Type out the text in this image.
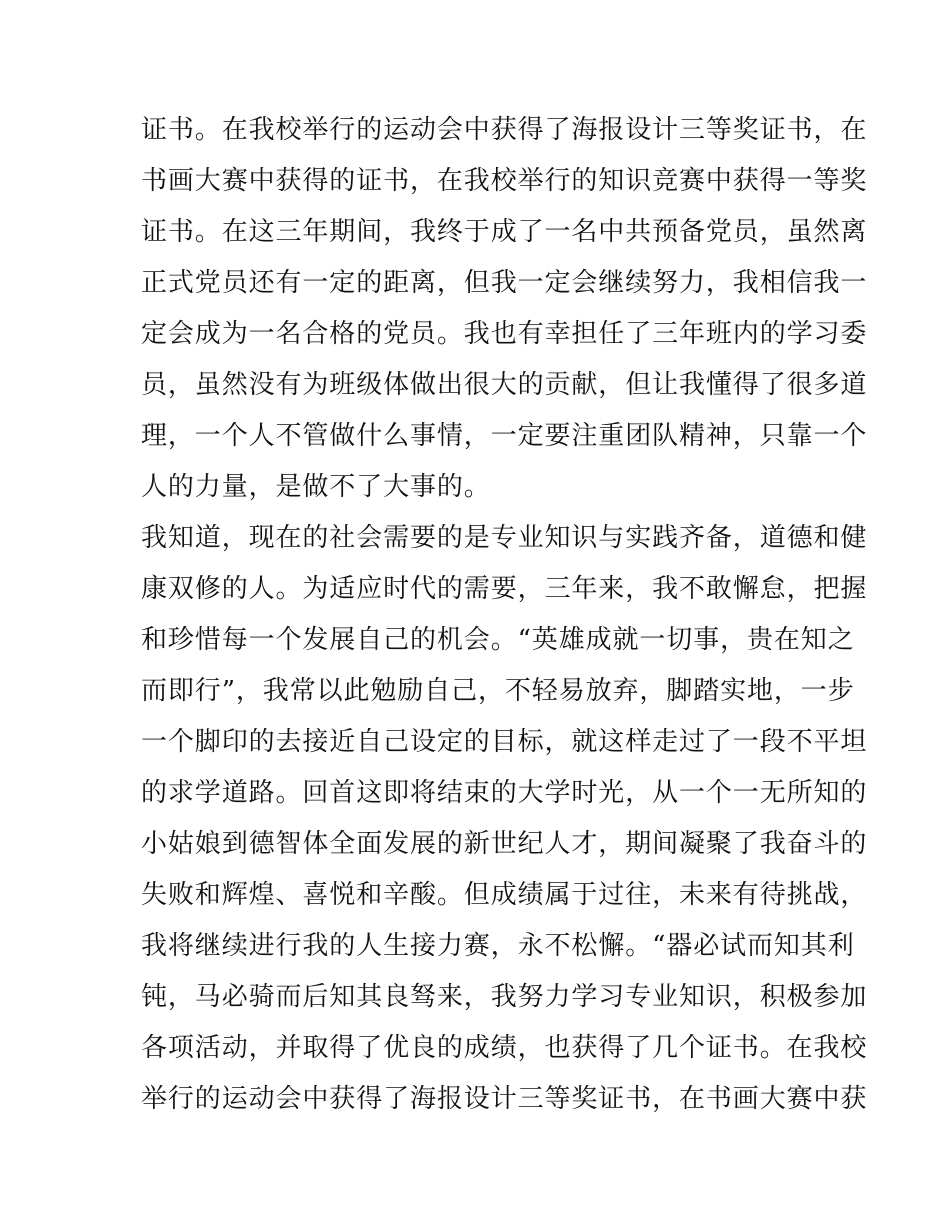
证书。在我校举行的运动会中获得了海报设计三等奖证书，在
书画大赛中获得的证书，在我校举行的知识竞赛中获得一等奖
证书。在这三年期间，我终于成了一名中共预备党员，虽然离
正式党员还有一定的距离，但我一定会继续努力，我相信我一
定会成为一名合格的党员。我也有幸担任了三年班内的学习委
员，虽然没有为班级体做出很大的贡献，但让我懂得了很多道
理，一个人不管做什么事情，一定要注重团队精神，只靠一个
人的力量，是做不了大事的。
我知道，现在的社会需要的是专业知识与实践齐备，道德和健
康双修的人。为适应时代的需要，三年来，我不敢懈怠，把握
和珍惜每一个发展自己的机会。“英雄成就一切事，贵在知之
而即行”，我常以此勉励自己，不轻易放弃，脚踏实地，一步
一个脚印的去接近自己设定的目标，就这样走过了一段不平坦
的求学道路。回首这即将结束的大学时光，从一个一无所知的
小姑娘到德智体全面发展的新世纪人才，期间凝聚了我奋斗的
失败和辉煌、喜悦和辛酸。但成绩属于过往，未来有待挑战，
我将继续进行我的人生接力赛，永不松懈。“器必试而知其利
钝，马必骑而后知其良驽来，我努力学习专业知识，积极参加
各项活动，并取得了优良的成绩，也获得了几个证书。在我校
举行的运动会中获得了海报设计三等奖证书，在书画大赛中获
